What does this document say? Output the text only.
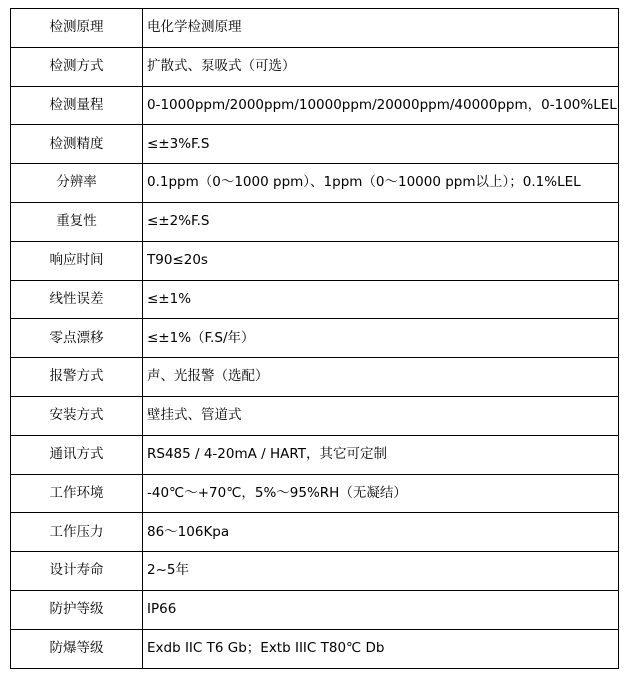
检测原理	电化学检测原理
检测方式	扩散式、泵吸式（可选）
检测量程	0-1000ppm/2000ppm/10000ppm/20000ppm/40000ppm，0-100%LEL
检测精度	≤±3%F.S
分辨率	0.1ppm（0～1000 ppm）、1ppm（0～10000 ppm以上）；0.1%LEL
重复性	≤±2%F.S
响应时间	T90≤20s
线性误差	≤±1%
零点漂移	≤±1%（F.S/年）
报警方式	声、光报警（选配）
安装方式	壁挂式、管道式
通讯方式	RS485 / 4-20mA / HART，其它可定制
工作环境	-40℃～+70℃，5%～95%RH（无凝结）
工作压力	86～106Kpa
设计寿命	2~5年
防护等级	IP66
防爆等级	Exdb IIC T6 Gb；Extb IIIC T80℃ Db
